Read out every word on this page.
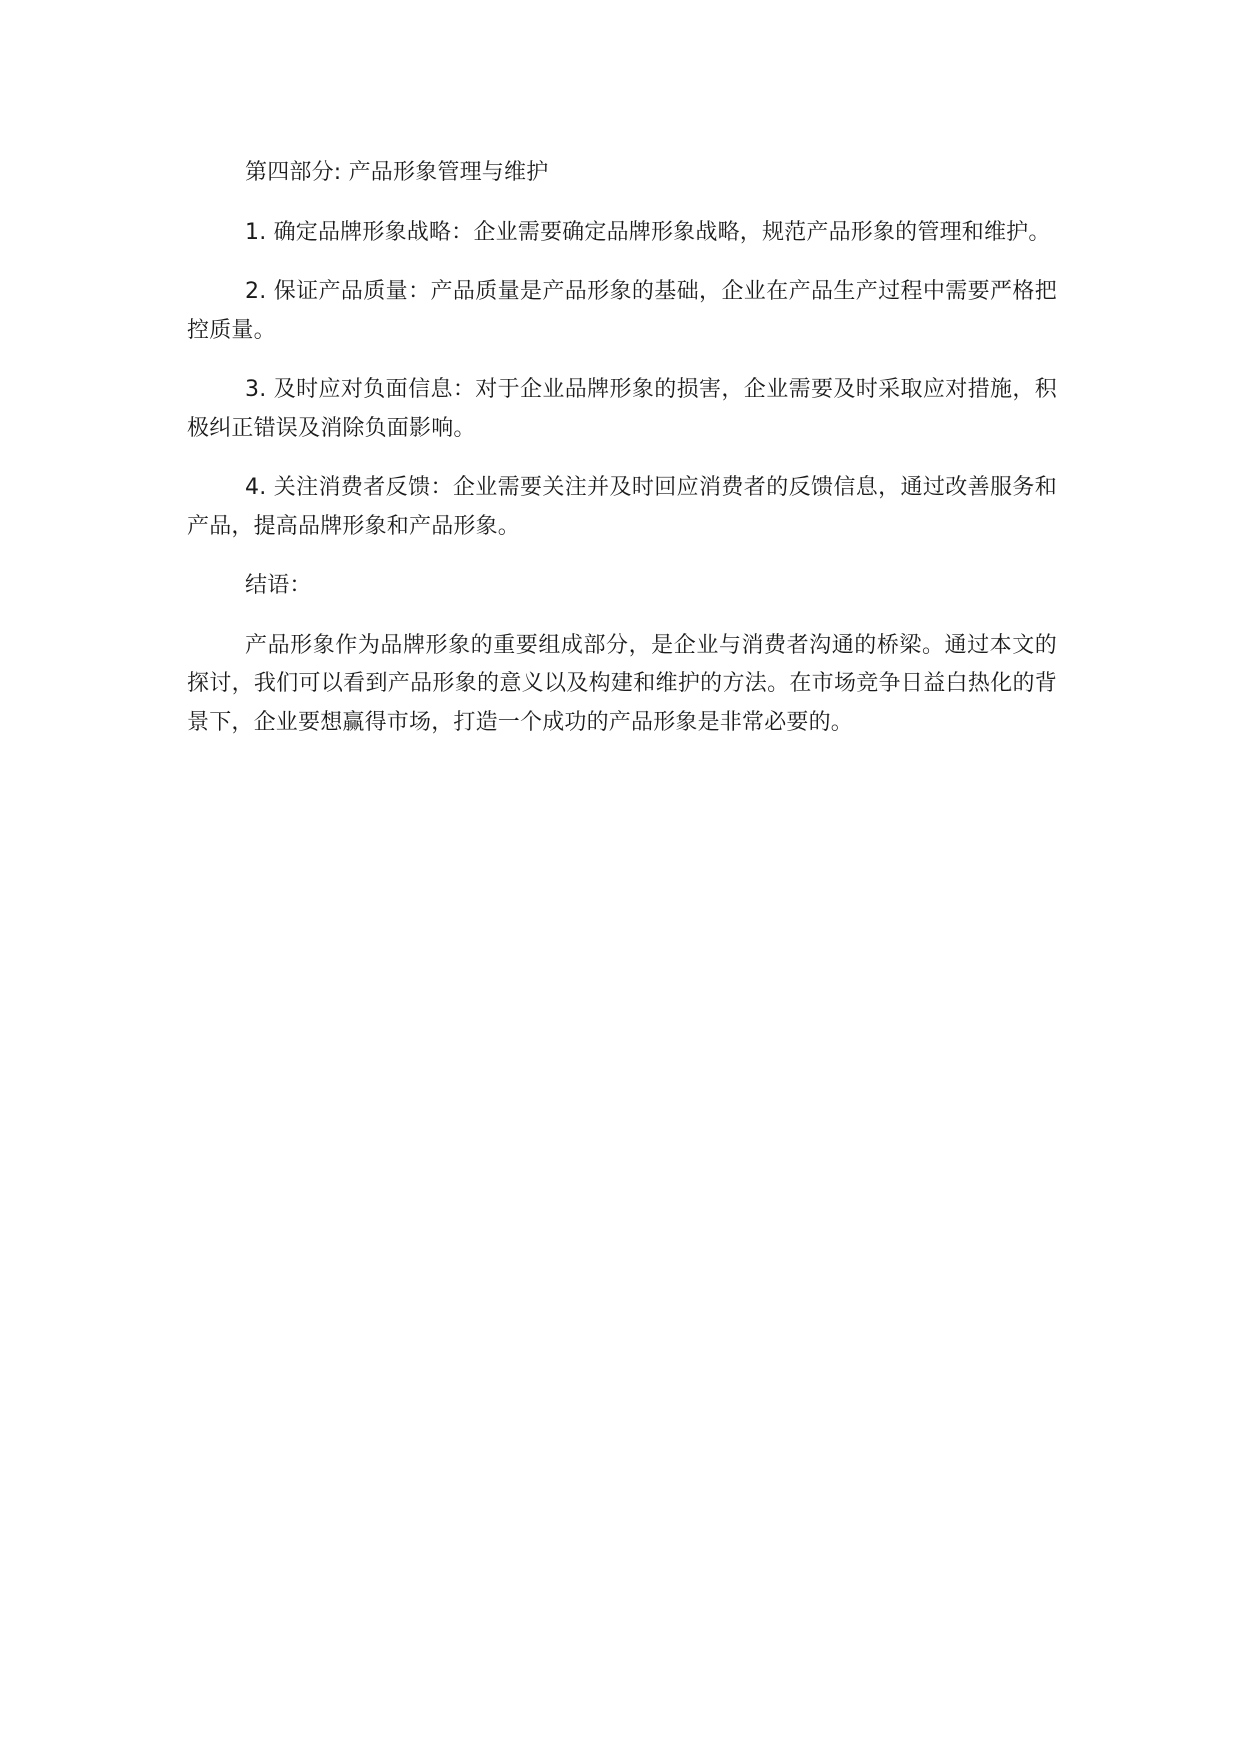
第四部分: 产品形象管理与维护

1. 确定品牌形象战略：企业需要确定品牌形象战略，规范产品形象的管理和维护。

2. 保证产品质量：产品质量是产品形象的基础，企业在产品生产过程中需要严格把控质量。

3. 及时应对负面信息：对于企业品牌形象的损害，企业需要及时采取应对措施，积极纠正错误及消除负面影响。

4. 关注消费者反馈：企业需要关注并及时回应消费者的反馈信息，通过改善服务和产品，提高品牌形象和产品形象。

结语：

产品形象作为品牌形象的重要组成部分，是企业与消费者沟通的桥梁。通过本文的探讨，我们可以看到产品形象的意义以及构建和维护的方法。在市场竞争日益白热化的背景下，企业要想赢得市场，打造一个成功的产品形象是非常必要的。
